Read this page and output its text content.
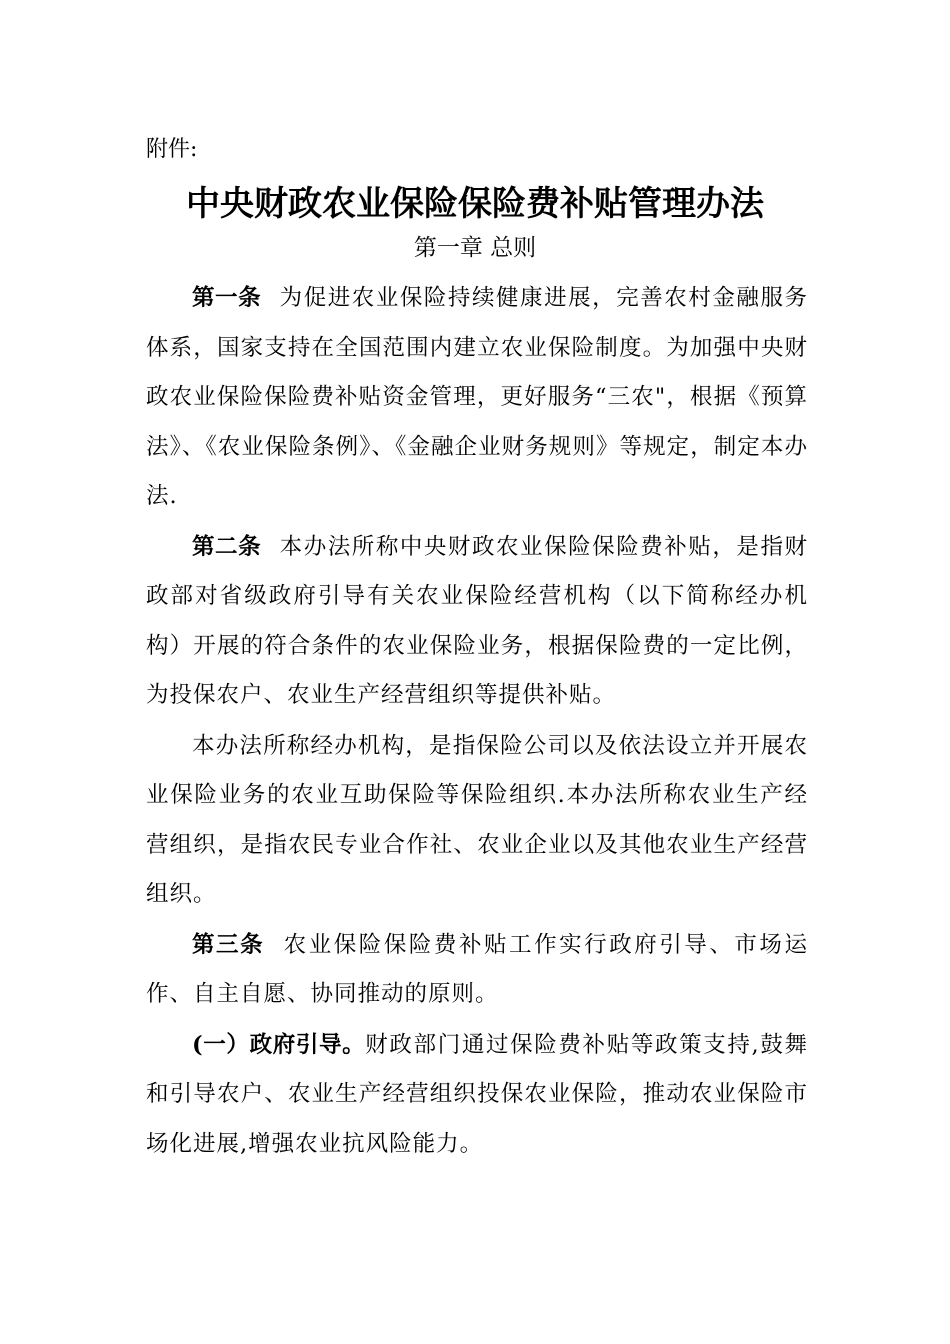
附件:
中央财政农业保险保险费补贴管理办法
第一章 总则

第一条 为促进农业保险持续健康进展，完善农村金融服务体系，国家支持在全国范围内建立农业保险制度。为加强中央财政农业保险保险费补贴资金管理，更好服务“三农"，根据《预算法》、《农业保险条例》、《金融企业财务规则》等规定，制定本办法.

第二条 本办法所称中央财政农业保险保险费补贴，是指财政部对省级政府引导有关农业保险经营机构（以下简称经办机构）开展的符合条件的农业保险业务，根据保险费的一定比例，为投保农户、农业生产经营组织等提供补贴。

本办法所称经办机构，是指保险公司以及依法设立并开展农业保险业务的农业互助保险等保险组织.本办法所称农业生产经营组织，是指农民专业合作社、农业企业以及其他农业生产经营组织。

第三条 农业保险保险费补贴工作实行政府引导、市场运作、自主自愿、协同推动的原则。

(一）政府引导。财政部门通过保险费补贴等政策支持,鼓舞和引导农户、农业生产经营组织投保农业保险，推动农业保险市场化进展,增强农业抗风险能力。
